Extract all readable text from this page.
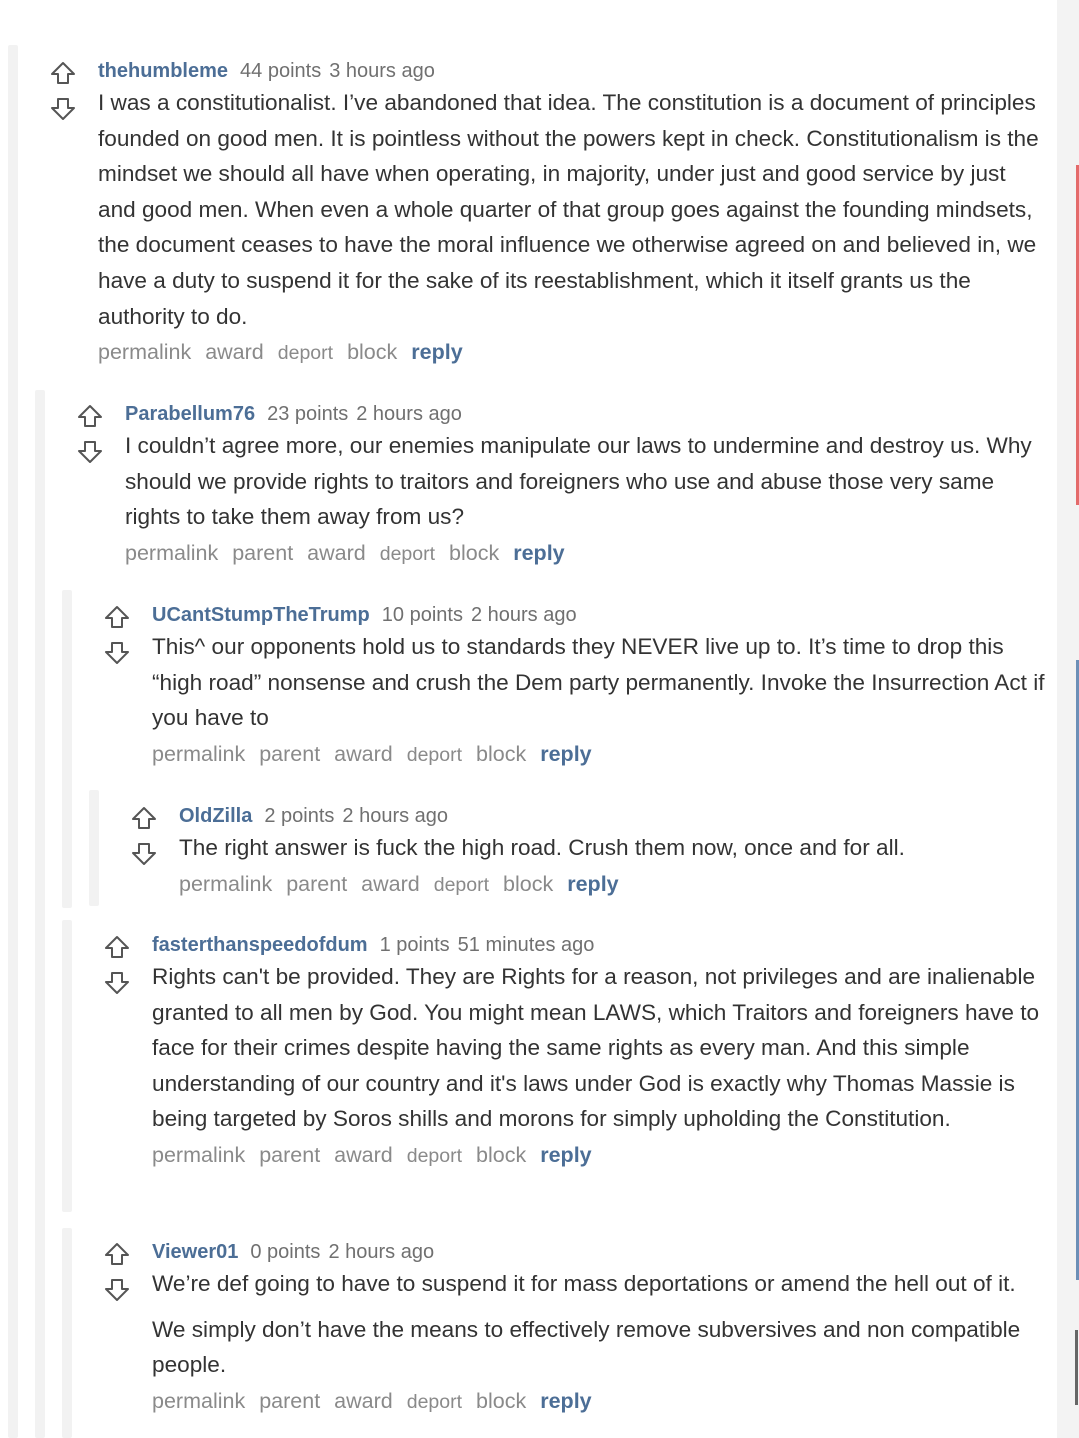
thehumbleme 44 points 3 hours ago

I was a constitutionalist. I’ve abandoned that idea. The constitution is a document of principles founded on good men. It is pointless without the powers kept in check. Constitutionalism is the mindset we should all have when operating, in majority, under just and good service by just and good men. When even a whole quarter of that group goes against the founding mindsets, the document ceases to have the moral influence we otherwise agreed on and believed in, we have a duty to suspend it for the sake of its reestablishment, which it itself grants us the authority to do.

permalink award deport block reply
Parabellum76 23 points 2 hours ago

I couldn’t agree more, our enemies manipulate our laws to undermine and destroy us. Why should we provide rights to traitors and foreigners who use and abuse those very same rights to take them away from us?

permalink parent award deport block reply
UCantStumpTheTrump 10 points 2 hours ago

This^ our opponents hold us to standards they NEVER live up to. It’s time to drop this “high road” nonsense and crush the Dem party permanently. Invoke the Insurrection Act if you have to

permalink parent award deport block reply
OldZilla 2 points 2 hours ago

The right answer is fuck the high road. Crush them now, once and for all.

permalink parent award deport block reply
fasterthanspeedofdum 1 points 51 minutes ago

Rights can't be provided. They are Rights for a reason, not privileges and are inalienable granted to all men by God. You might mean LAWS, which Traitors and foreigners have to face for their crimes despite having the same rights as every man. And this simple understanding of our country and it's laws under God is exactly why Thomas Massie is being targeted by Soros shills and morons for simply upholding the Constitution.

permalink parent award deport block reply
Viewer01 0 points 2 hours ago

We’re def going to have to suspend it for mass deportations or amend the hell out of it.

We simply don’t have the means to effectively remove subversives and non compatible people.

permalink parent award deport block reply
